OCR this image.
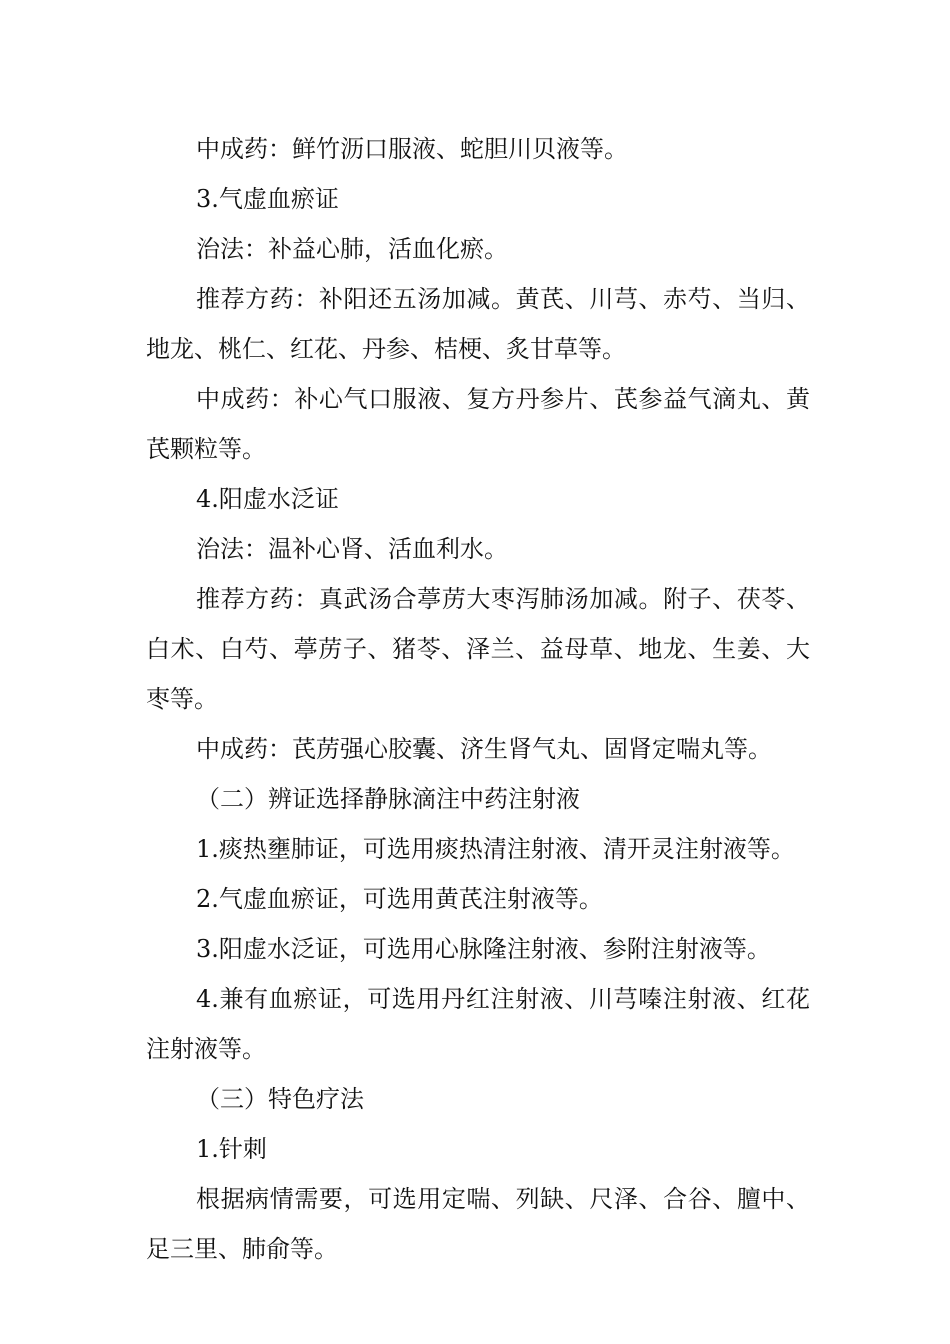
中成药：鲜竹沥口服液、蛇胆川贝液等。

3.气虚血瘀证

治法：补益心肺，活血化瘀。

推荐方药：补阳还五汤加减。黄芪、川芎、赤芍、当归、地龙、桃仁、红花、丹参、桔梗、炙甘草等。

中成药：补心气口服液、复方丹参片、芪参益气滴丸、黄芪颗粒等。

4.阳虚水泛证

治法：温补心肾、活血利水。

推荐方药：真武汤合葶苈大枣泻肺汤加减。附子、茯苓、白术、白芍、葶苈子、猪苓、泽兰、益母草、地龙、生姜、大枣等。

中成药：芪苈强心胶囊、济生肾气丸、固肾定喘丸等。

（二）辨证选择静脉滴注中药注射液

1.痰热壅肺证，可选用痰热清注射液、清开灵注射液等。

2.气虚血瘀证，可选用黄芪注射液等。

3.阳虚水泛证，可选用心脉隆注射液、参附注射液等。

4.兼有血瘀证，可选用丹红注射液、川芎嗪注射液、红花注射液等。

（三）特色疗法

1.针刺

根据病情需要，可选用定喘、列缺、尺泽、合谷、膻中、足三里、肺俞等。
